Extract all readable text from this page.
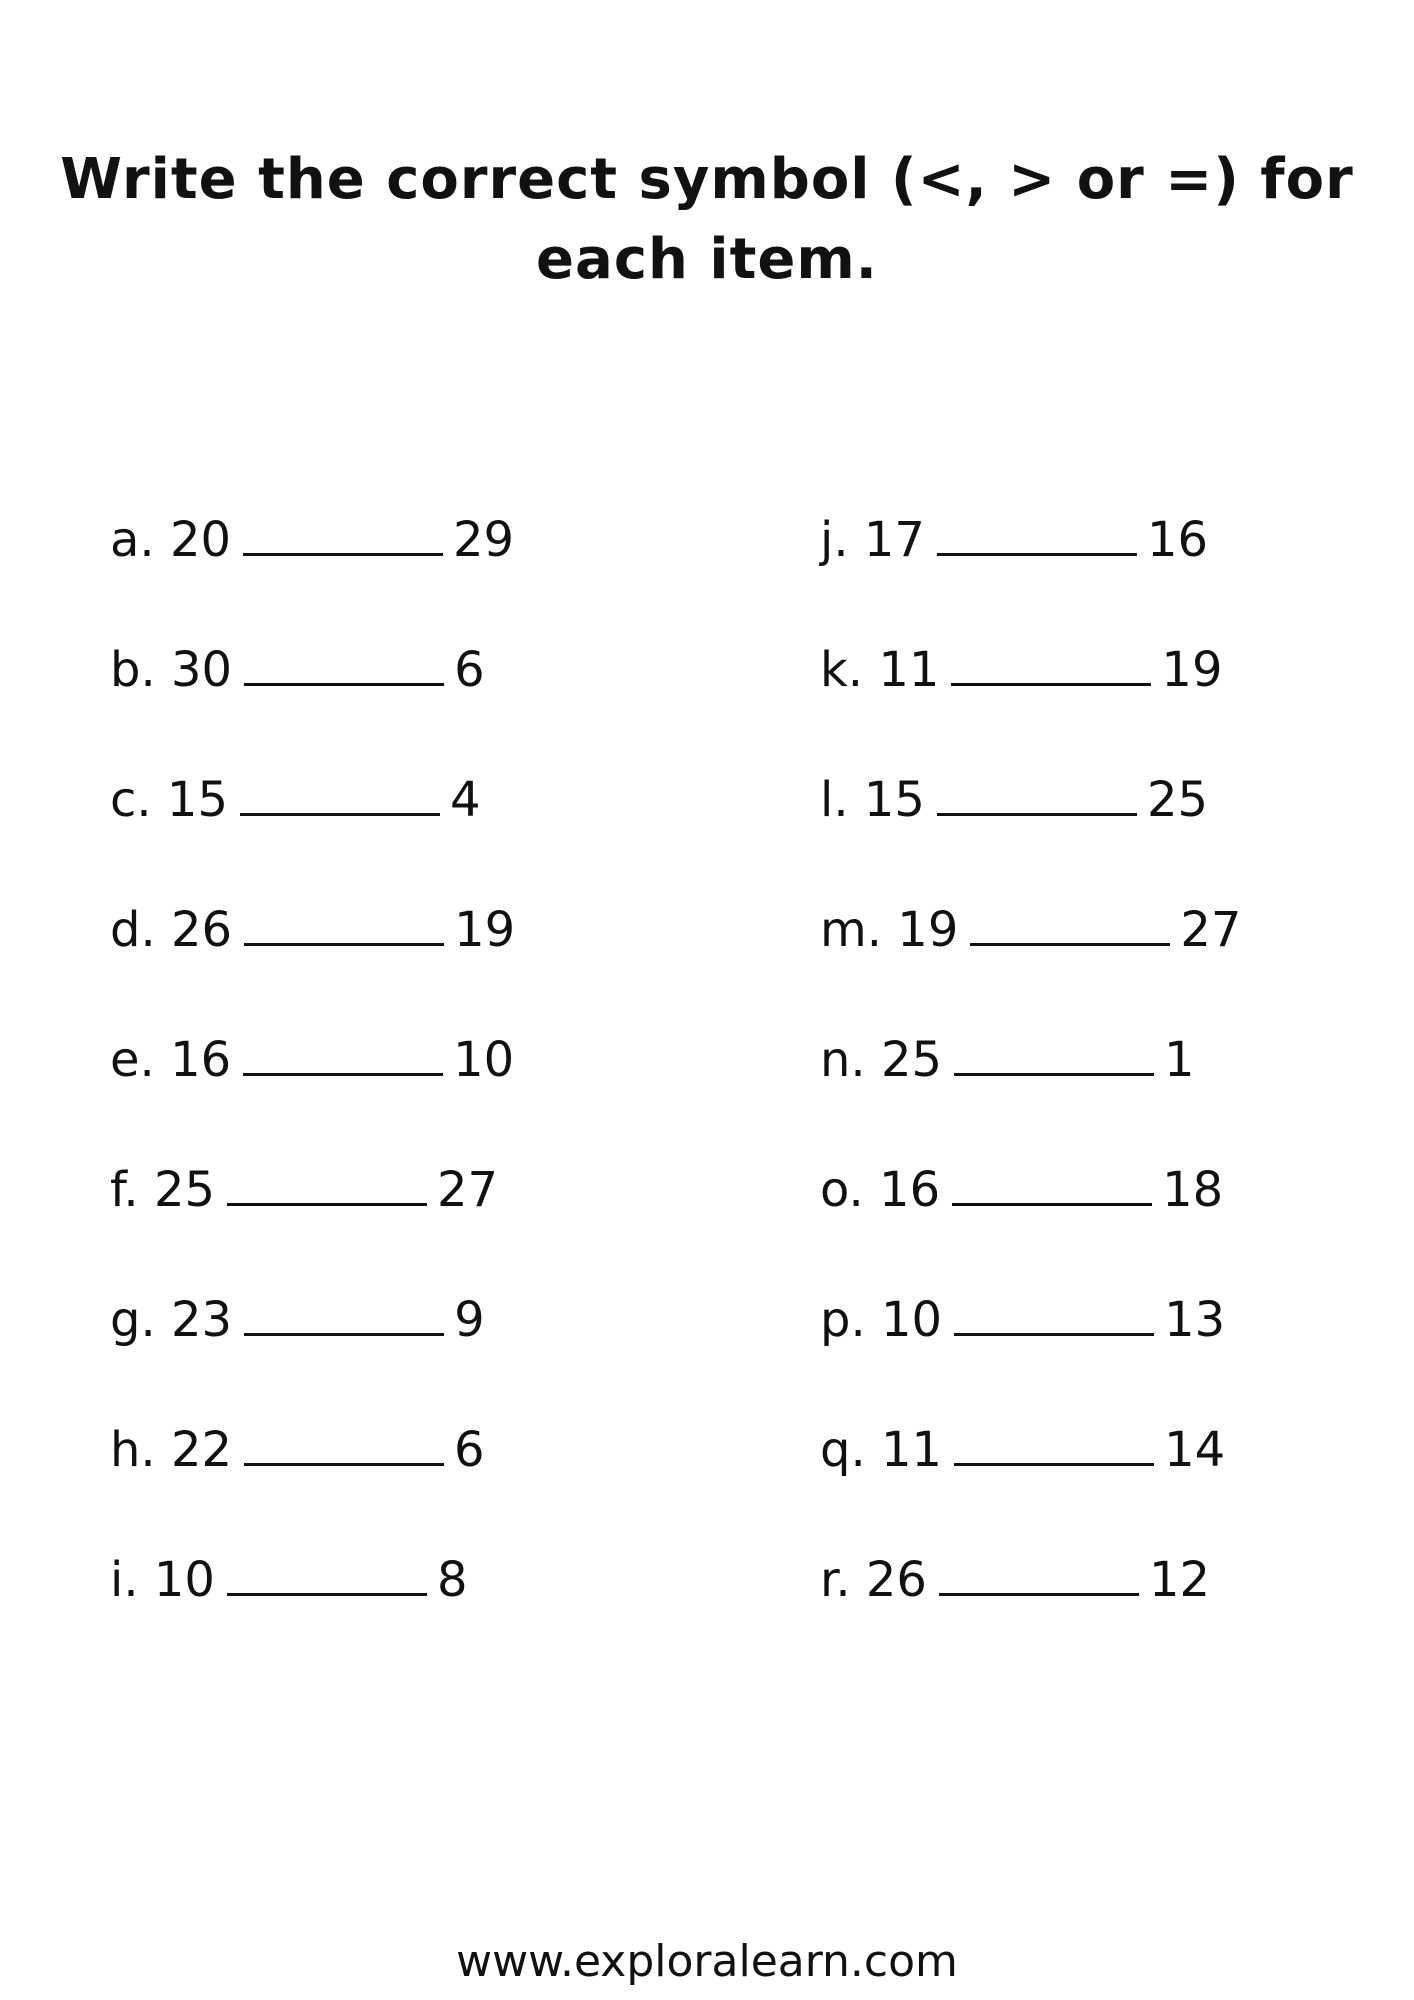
Write the correct symbol (<, > or =) for each item.
a. 20	29
b. 30	6
c. 15	4
d. 26	19
e. 16	10
f. 25	27
g. 23	9
h. 22	6
i. 10	8
j. 17	16
k. 11	19
l. 15	25
m. 19	27
n. 25	1
o. 16	18
p. 10	13
q. 11	14
r. 26	12
www.exploralearn.com
